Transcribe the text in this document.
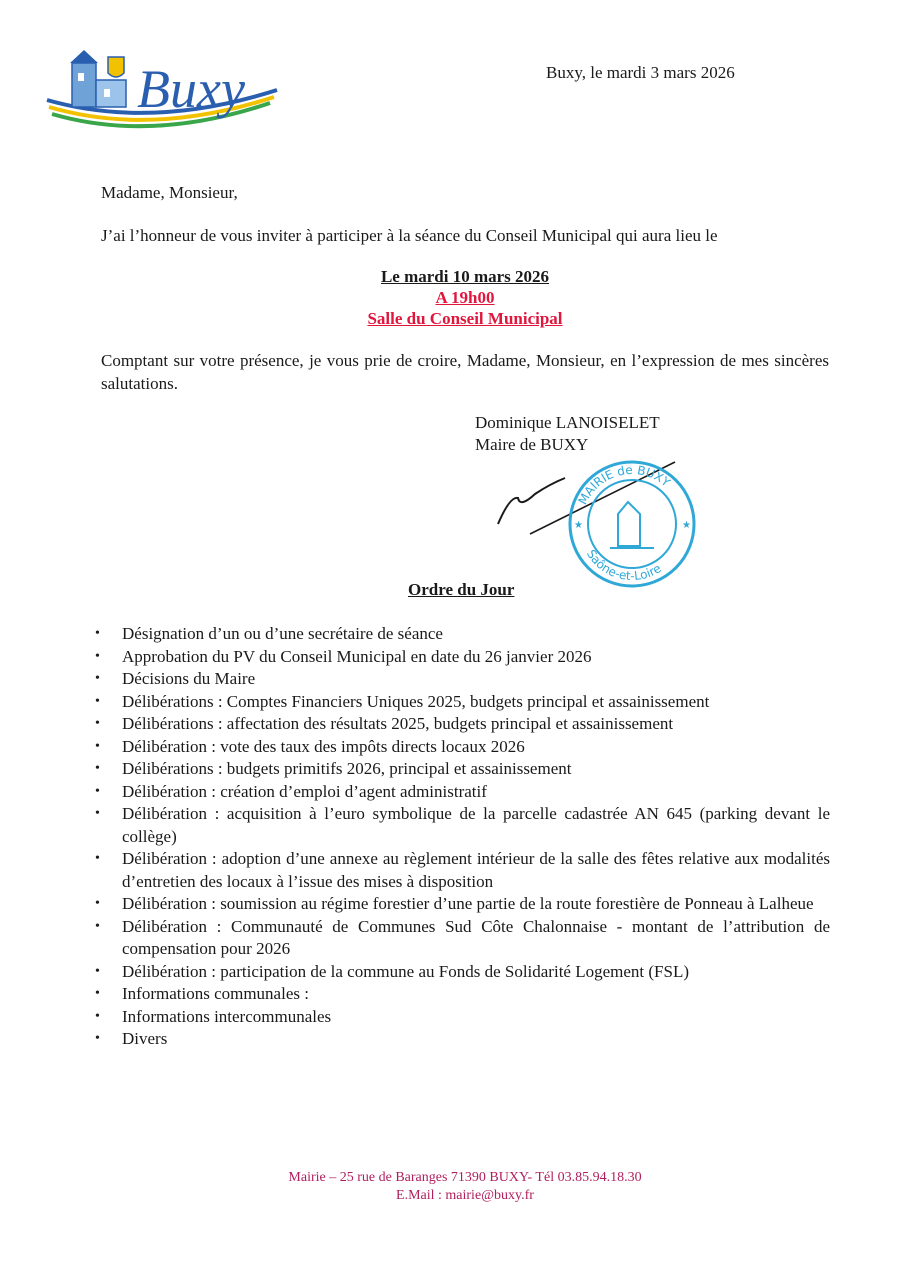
Buxy	Buxy, le mardi 3 mars 2026
Madame, Monsieur,
J’ai l’honneur de vous inviter à participer à la séance du Conseil Municipal qui aura lieu le
Le mardi 10 mars 2026
A 19h00
Salle du Conseil Municipal
Comptant sur votre présence, je vous prie de croire, Madame, Monsieur, en l’expression de mes sincères salutations.
Dominique LANOISELET
Maire de BUXY
MAIRIE de BUXY
Saône-et-Loire
★	★
Ordre du Jour
• Désignation d’un ou d’une secrétaire de séance
• Approbation du PV du Conseil Municipal en date du 26 janvier 2026
• Décisions du Maire
• Délibérations : Comptes Financiers Uniques 2025, budgets principal et assainissement
• Délibérations : affectation des résultats 2025, budgets principal et assainissement
• Délibération : vote des taux des impôts directs locaux 2026
• Délibérations : budgets primitifs 2026, principal et assainissement
• Délibération : création d’emploi d’agent administratif
• Délibération : acquisition à l’euro symbolique de la parcelle cadastrée AN 645 (parking devant le collège)
• Délibération : adoption d’une annexe au règlement intérieur de la salle des fêtes relative aux modalités d’entretien des locaux à l’issue des mises à disposition
• Délibération : soumission au régime forestier d’une partie de la route forestière de Ponneau à Lalheue
• Délibération : Communauté de Communes Sud Côte Chalonnaise - montant de l’attribution de compensation pour 2026
• Délibération : participation de la commune au Fonds de Solidarité Logement (FSL)
• Informations communales :
• Informations intercommunales
• Divers
Mairie – 25 rue de Baranges 71390 BUXY- Tél 03.85.94.18.30
E.Mail : mairie@buxy.fr
